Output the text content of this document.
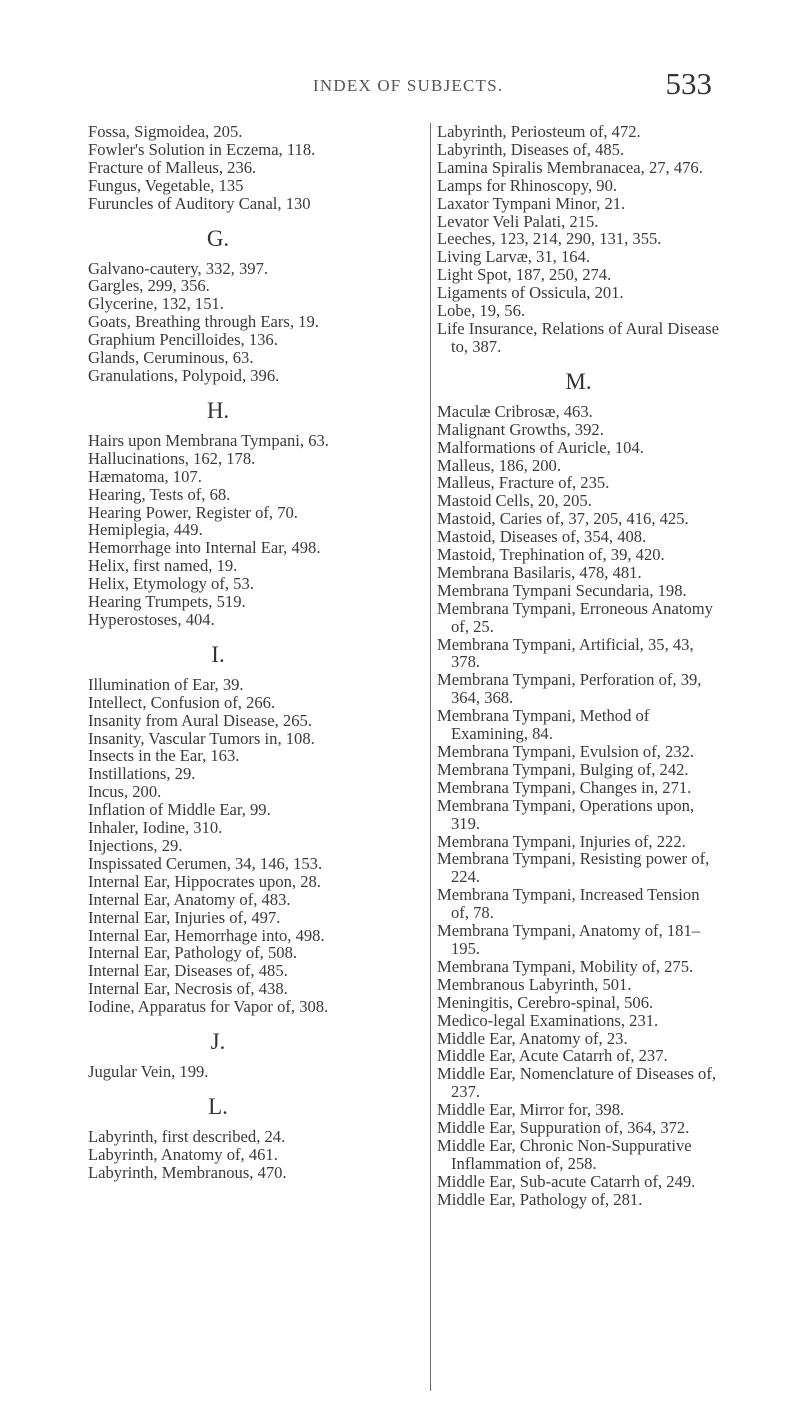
INDEX OF SUBJECTS.	533

Fossa, Sigmoidea, 205.

Fowler's Solution in Eczema, 118.

Fracture of Malleus, 236.

Fungus, Vegetable, 135

Furuncles of Auditory Canal, 130

G.

Galvano-cautery, 332, 397.

Gargles, 299, 356.

Glycerine, 132, 151.

Goats, Breathing through Ears, 19.

Graphium Pencilloides, 136.

Glands, Ceruminous, 63.

Granulations, Polypoid, 396.

H.

Hairs upon Membrana Tympani, 63.

Hallucinations, 162, 178.

Hæmatoma, 107.

Hearing, Tests of, 68.

Hearing Power, Register of, 70.

Hemiplegia, 449.

Hemorrhage into Internal Ear, 498.

Helix, first named, 19.

Helix, Etymology of, 53.

Hearing Trumpets, 519.

Hyperostoses, 404.

I.

Illumination of Ear, 39.

Intellect, Confusion of, 266.

Insanity from Aural Disease, 265.

Insanity, Vascular Tumors in, 108.

Insects in the Ear, 163.

Instillations, 29.

Incus, 200.

Inflation of Middle Ear, 99.

Inhaler, Iodine, 310.

Injections, 29.

Inspissated Cerumen, 34, 146, 153.

Internal Ear, Hippocrates upon, 28.

Internal Ear, Anatomy of, 483.

Internal Ear, Injuries of, 497.

Internal Ear, Hemorrhage into, 498.

Internal Ear, Pathology of, 508.

Internal Ear, Diseases of, 485.

Internal Ear, Necrosis of, 438.

Iodine, Apparatus for Vapor of, 308.

J.

Jugular Vein, 199.

L.

Labyrinth, first described, 24.

Labyrinth, Anatomy of, 461.

Labyrinth, Membranous, 470.

Labyrinth, Periosteum of, 472.

Labyrinth, Diseases of, 485.

Lamina Spiralis Membranacea, 27, 476.

Lamps for Rhinoscopy, 90.

Laxator Tympani Minor, 21.

Levator Veli Palati, 215.

Leeches, 123, 214, 290, 131, 355.

Living Larvæ, 31, 164.

Light Spot, 187, 250, 274.

Ligaments of Ossicula, 201.

Lobe, 19, 56.

Life Insurance, Relations of Aural Disease to, 387.

M.

Maculæ Cribrosæ, 463.

Malignant Growths, 392.

Malformations of Auricle, 104.

Malleus, 186, 200.

Malleus, Fracture of, 235.

Mastoid Cells, 20, 205.

Mastoid, Caries of, 37, 205, 416, 425.

Mastoid, Diseases of, 354, 408.

Mastoid, Trephination of, 39, 420.

Membrana Basilaris, 478, 481.

Membrana Tympani Secundaria, 198.

Membrana Tympani, Erroneous Anatomy of, 25.

Membrana Tympani, Artificial, 35, 43, 378.

Membrana Tympani, Perforation of, 39, 364, 368.

Membrana Tympani, Method of Examining, 84.

Membrana Tympani, Evulsion of, 232.

Membrana Tympani, Bulging of, 242.

Membrana Tympani, Changes in, 271.

Membrana Tympani, Operations upon, 319.

Membrana Tympani, Injuries of, 222.

Membrana Tympani, Resisting power of, 224.

Membrana Tympani, Increased Tension of, 78.

Membrana Tympani, Anatomy of, 181–195.

Membrana Tympani, Mobility of, 275.

Membranous Labyrinth, 501.

Meningitis, Cerebro-spinal, 506.

Medico-legal Examinations, 231.

Middle Ear, Anatomy of, 23.

Middle Ear, Acute Catarrh of, 237.

Middle Ear, Nomenclature of Diseases of, 237.

Middle Ear, Mirror for, 398.

Middle Ear, Suppuration of, 364, 372.

Middle Ear, Chronic Non-Suppurative Inflammation of, 258.

Middle Ear, Sub-acute Catarrh of, 249.

Middle Ear, Pathology of, 281.
